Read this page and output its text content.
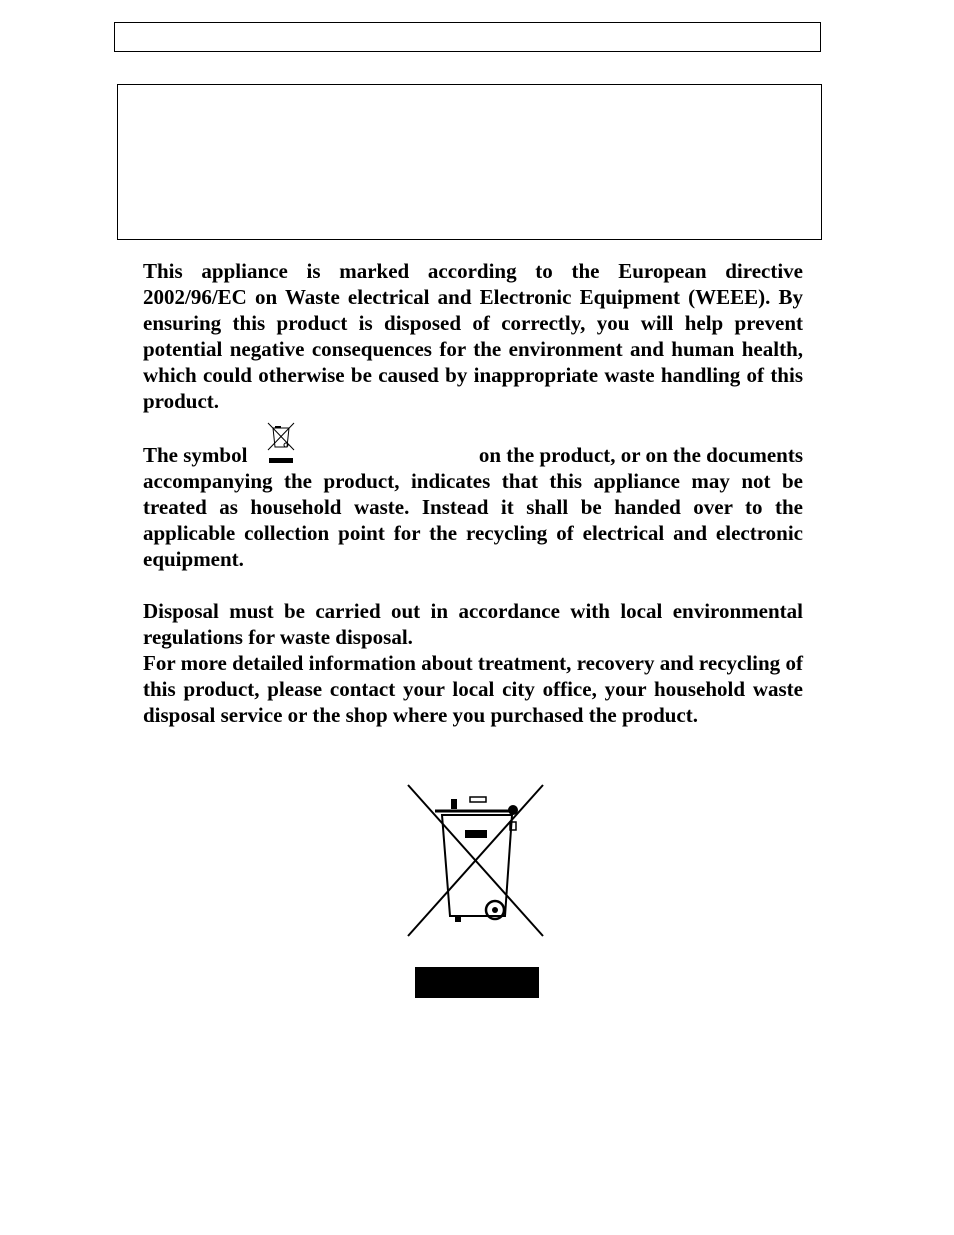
This appliance is marked according to the European directive 2002/96/EC on Waste electrical and Electronic Equipment (WEEE). By ensuring this product is disposed of correctly, you will help prevent potential negative consequences for the environment and human health, which could otherwise be caused by inappropriate waste handling of this product.

The symbol	on the product, or on the documents

accompanying the product, indicates that this appliance may not be treated as household waste. Instead it shall be handed over to the applicable collection point for the recycling of electrical and electronic equipment.

Disposal must be carried out in accordance with local environmental regulations for waste disposal.

For more detailed information about treatment, recovery and recycling of this product, please contact your local city office, your household waste disposal service or the shop where you purchased the product.
